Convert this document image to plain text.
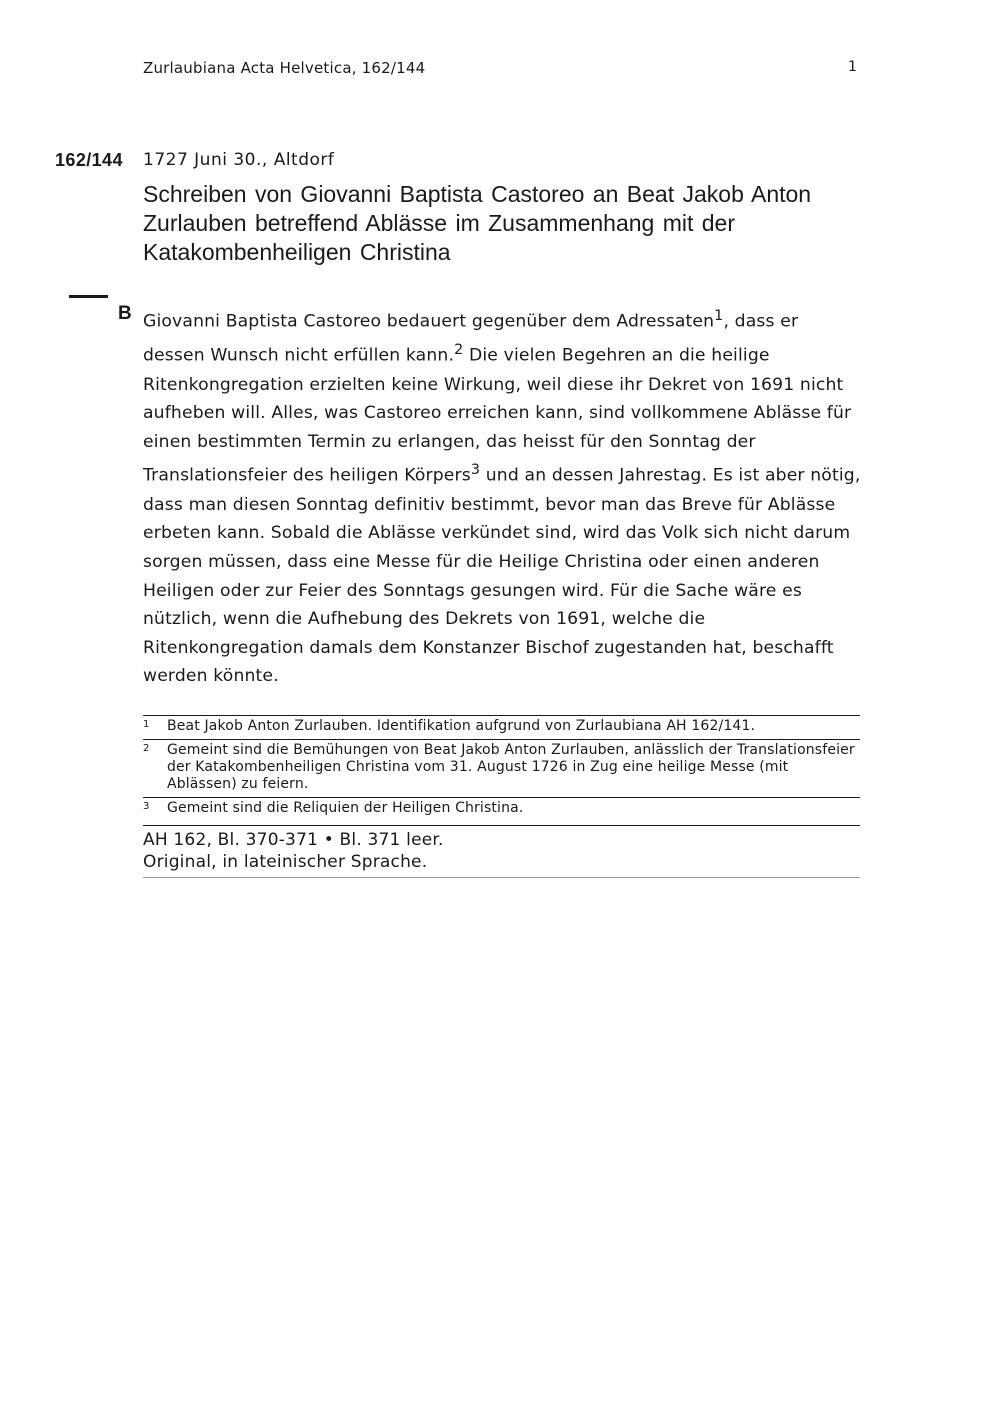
Zurlaubiana Acta Helvetica, 162/144	1
162/144 1727 Juni 30., Altdorf
Schreiben von Giovanni Baptista Castoreo an Beat Jakob Anton Zurlauben betreffend Ablässe im Zusammenhang mit der Katakombenheiligen Christina
B Giovanni Baptista Castoreo bedauert gegenüber dem Adressaten$^1$, dass er dessen Wunsch nicht erfüllen kann.$^2$ Die vielen Begehren an die heilige Ritenkongregation erzielten keine Wirkung, weil diese ihr Dekret von 1691 nicht aufheben will. Alles, was Castoreo erreichen kann, sind vollkommene Ablässe für einen bestimmten Termin zu erlangen, das heisst für den Sonntag der Translationsfeier des heiligen Körpers$^3$ und an dessen Jahrestag. Es ist aber nötig, dass man diesen Sonntag definitiv bestimmt, bevor man das Breve für Ablässe erbeten kann. Sobald die Ablässe verkündet sind, wird das Volk sich nicht darum sorgen müssen, dass eine Messe für die Heilige Christina oder einen anderen Heiligen oder zur Feier des Sonntags gesungen wird. Für die Sache wäre es nützlich, wenn die Aufhebung des Dekrets von 1691, welche die Ritenkongregation damals dem Konstanzer Bischof zugestanden hat, beschafft werden könnte.
1	Beat Jakob Anton Zurlauben. Identifikation aufgrund von Zurlaubiana AH 162/141.
2	Gemeint sind die Bemühungen von Beat Jakob Anton Zurlauben, anlässlich der Translationsfeier der Katakombenheiligen Christina vom 31. August 1726 in Zug eine heilige Messe (mit Ablässen) zu feiern.
3	Gemeint sind die Reliquien der Heiligen Christina.
AH 162, Bl. 370-371 • Bl. 371 leer.
Original, in lateinischer Sprache.
